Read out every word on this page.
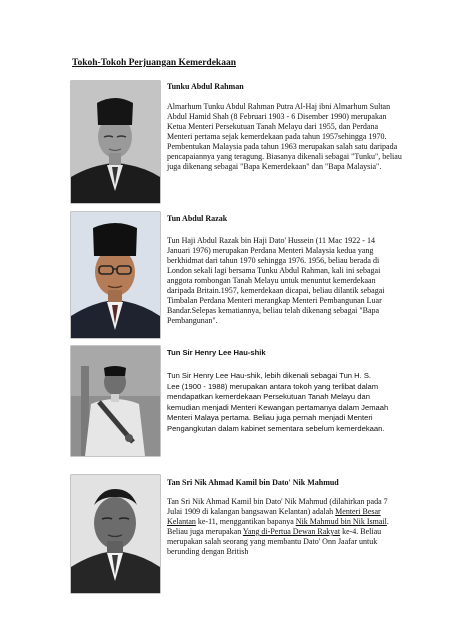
Tokoh-Tokoh Perjuangan Kemerdekaan
Tunku Abdul Rahman
Almarhum Tunku Abdul Rahman Putra Al-Haj ibni Almarhum Sultan
Abdul Hamid Shah (8 Februari 1903 - 6 Disember 1990) merupakan
Ketua Menteri Persekutuan Tanah Melayu dari 1955, dan Perdana
Menteri pertama sejak kemerdekaan pada tahun 1957sehingga 1970.
Pembentukan Malaysia pada tahun 1963 merupakan salah satu daripada
pencapaiannya yang teragung. Biasanya dikenali sebagai "Tunku", beliau
juga dikenang sebagai "Bapa Kemerdekaan" dan "Bapa Malaysia".
Tun Abdul Razak
Tun Haji Abdul Razak bin Haji Dato' Hussein (11 Mac 1922 - 14
Januari 1976) merupakan Perdana Menteri Malaysia kedua yang
berkhidmat dari tahun 1970 sehingga 1976. 1956, beliau berada di
London sekali lagi bersama Tunku Abdul Rahman, kali ini sebagai
anggota rombongan Tanah Melayu untuk menuntut kemerdekaan
daripada Britain.1957, kemerdekaan dicapai, beliau dilantik sebagai
Timbalan Perdana Menteri merangkap Menteri Pembangunan Luar
Bandar.Selepas kematiannya, beliau telah dikenang sebagai "Bapa
Pembangunan".
Tun Sir Henry Lee Hau-shik
Tun Sir Henry Lee Hau-shik, lebih dikenali sebagai Tun H. S.
Lee (1900 - 1988) merupakan antara tokoh yang terlibat dalam
mendapatkan kemerdekaan Persekutuan Tanah Melayu dan
kemudian menjadi Menteri Kewangan pertamanya dalam Jemaah
Menteri Malaya pertama. Beliau juga pernah menjadi Menteri
Pengangkutan dalam kabinet sementara sebelum kemerdekaan.
Tan Sri Nik Ahmad Kamil bin Dato' Nik Mahmud
Tan Sri Nik Ahmad Kamil bin Dato' Nik Mahmud (dilahirkan pada 7
Julai 1909 di kalangan bangsawan Kelantan) adalah Menteri Besar
Kelantan ke-11, menggantikan bapanya Nik Mahmud bin Nik Ismail.
Beliau juga merupakan Yang di-Pertua Dewan Rakyat ke-4. Beliau
merupakan salah seorang yang membantu Dato' Onn Jaafar untuk
berunding dengan British
